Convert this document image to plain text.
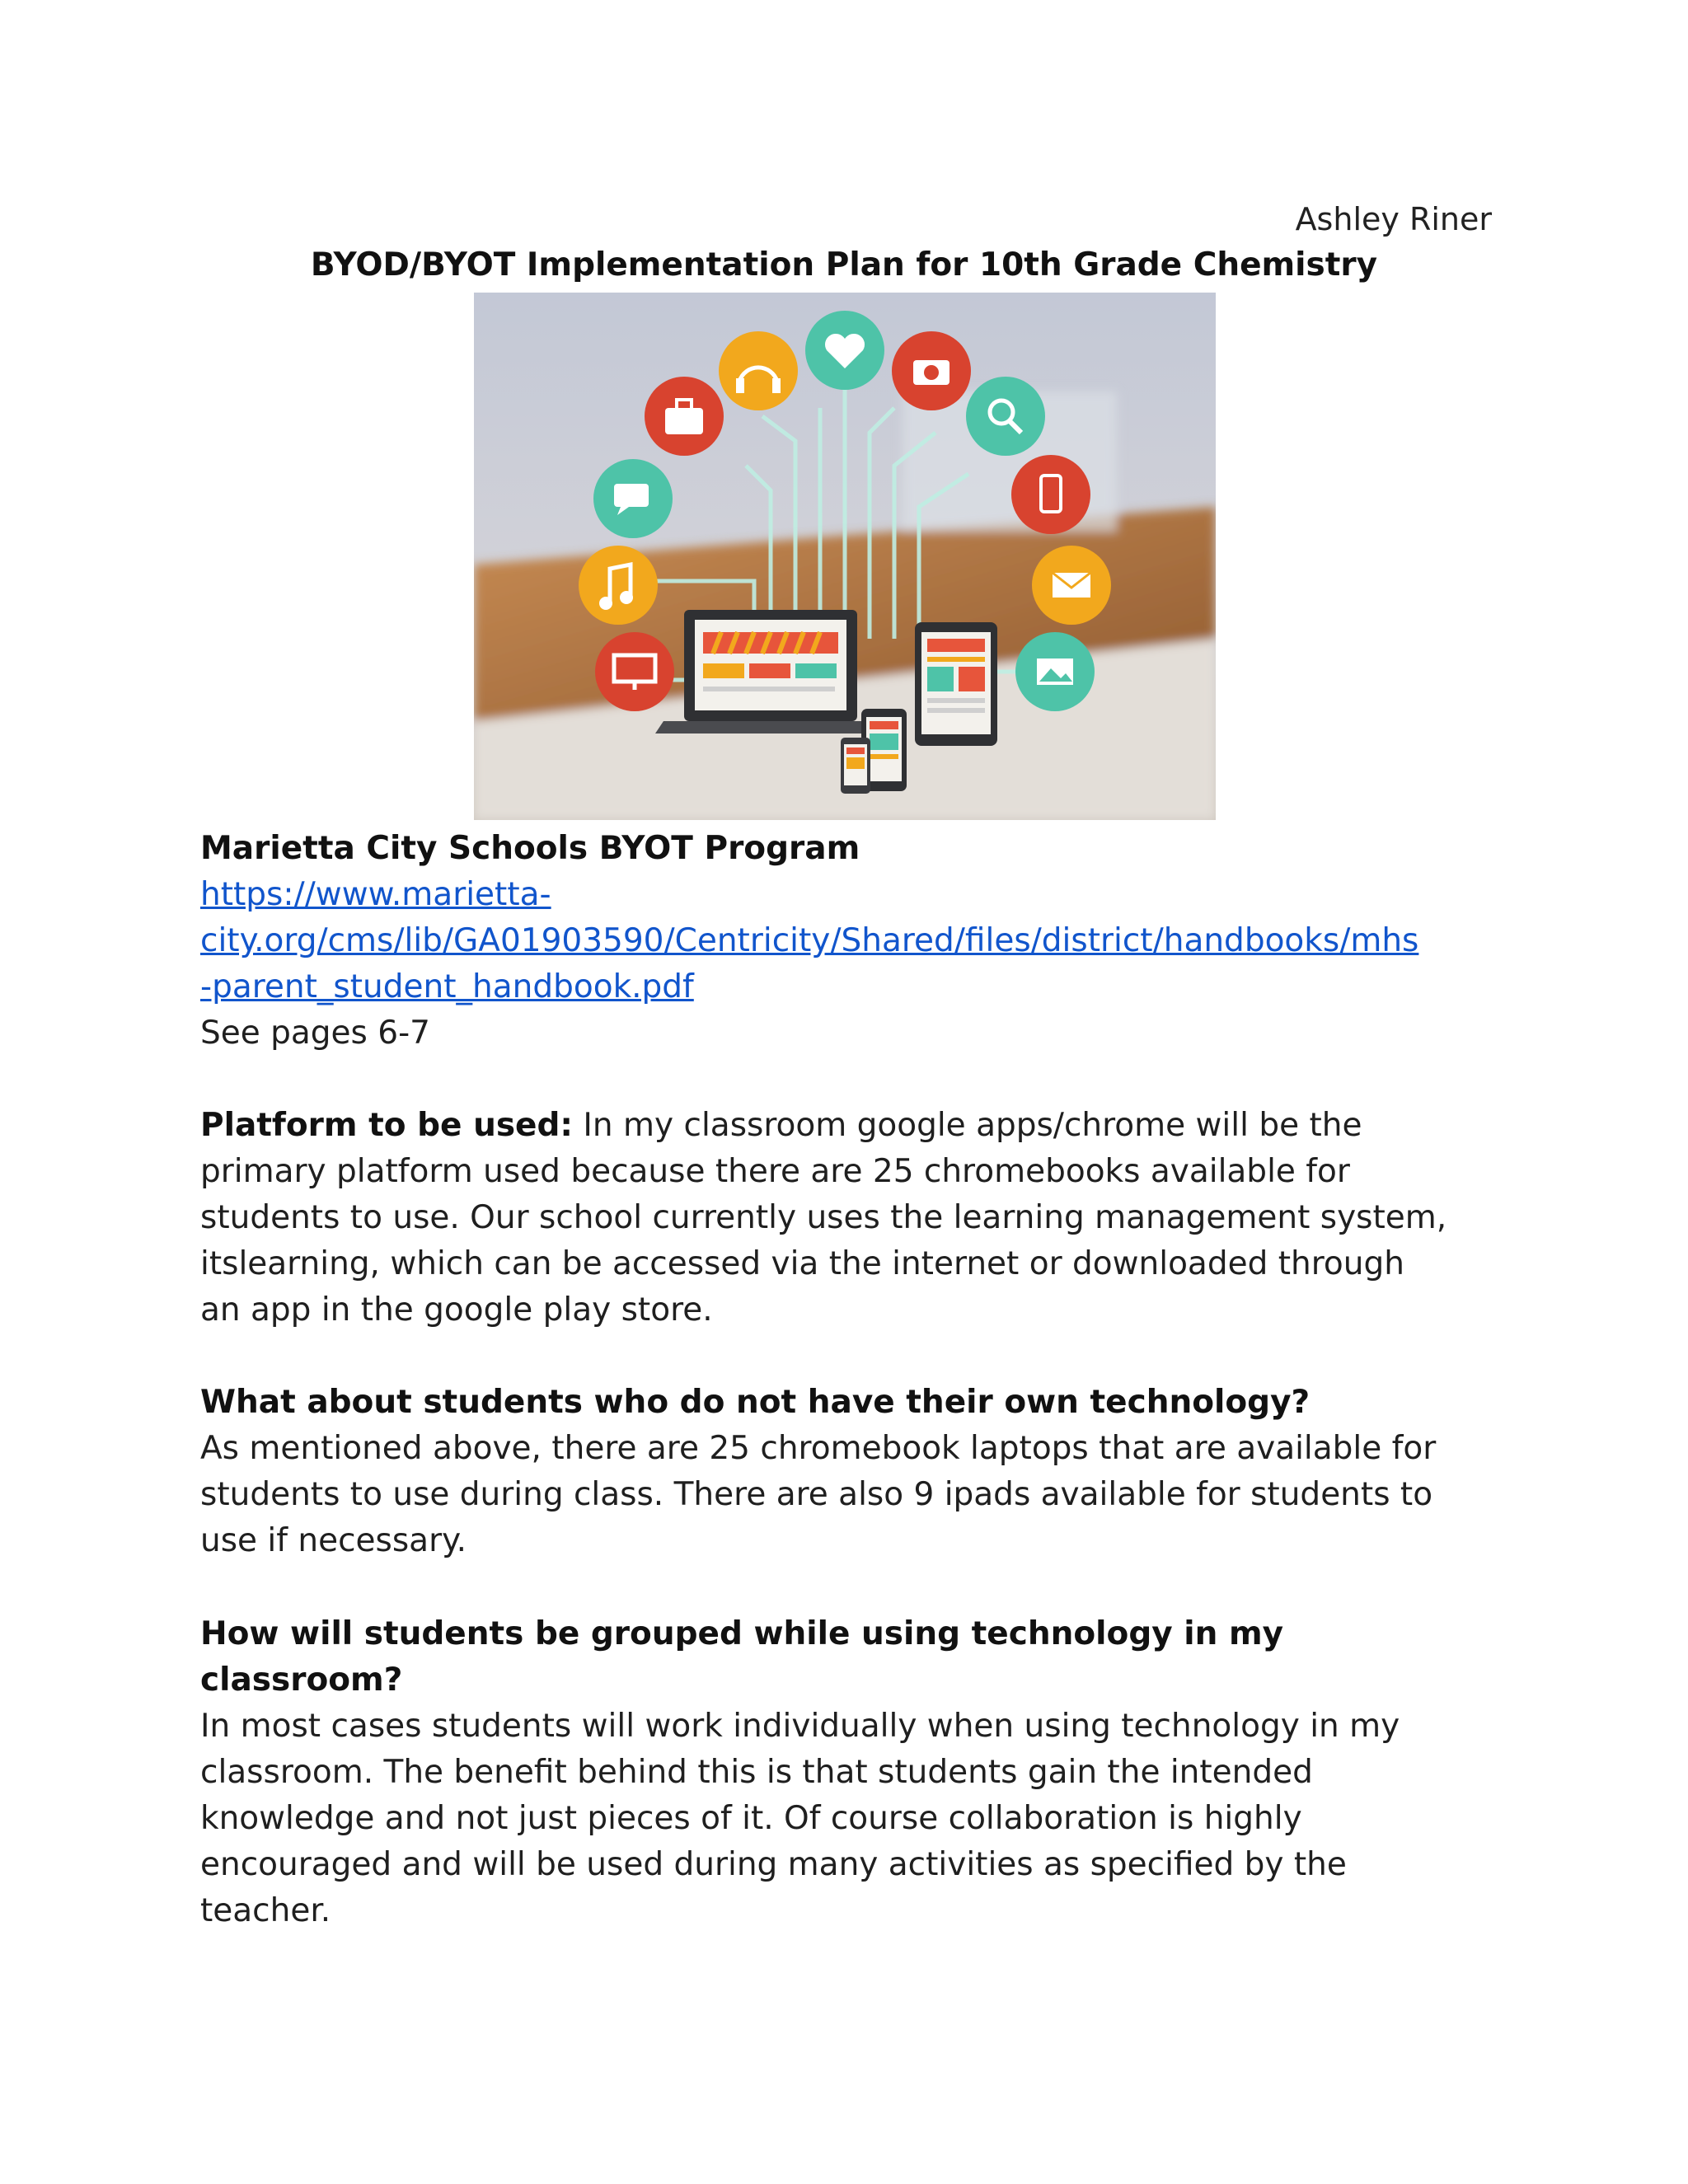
Ashley Riner
BYOD/BYOT Implementation Plan for 10th Grade Chemistry

Marietta City Schools BYOT Program

https://www.marietta-

city.org/cms/lib/GA01903590/Centricity/Shared/files/district/handbooks/mhs

-parent_student_handbook.pdf

See pages 6-7

Platform to be used: In my classroom google apps/chrome will be the

primary platform used because there are 25 chromebooks available for

students to use. Our school currently uses the learning management system,

itslearning, which can be accessed via the internet or downloaded through

an app in the google play store.

What about students who do not have their own technology?

As mentioned above, there are 25 chromebook laptops that are available for

students to use during class. There are also 9 ipads available for students to

use if necessary.

How will students be grouped while using technology in my

classroom?

In most cases students will work individually when using technology in my

classroom. The benefit behind this is that students gain the intended

knowledge and not just pieces of it. Of course collaboration is highly

encouraged and will be used during many activities as specified by the

teacher.
